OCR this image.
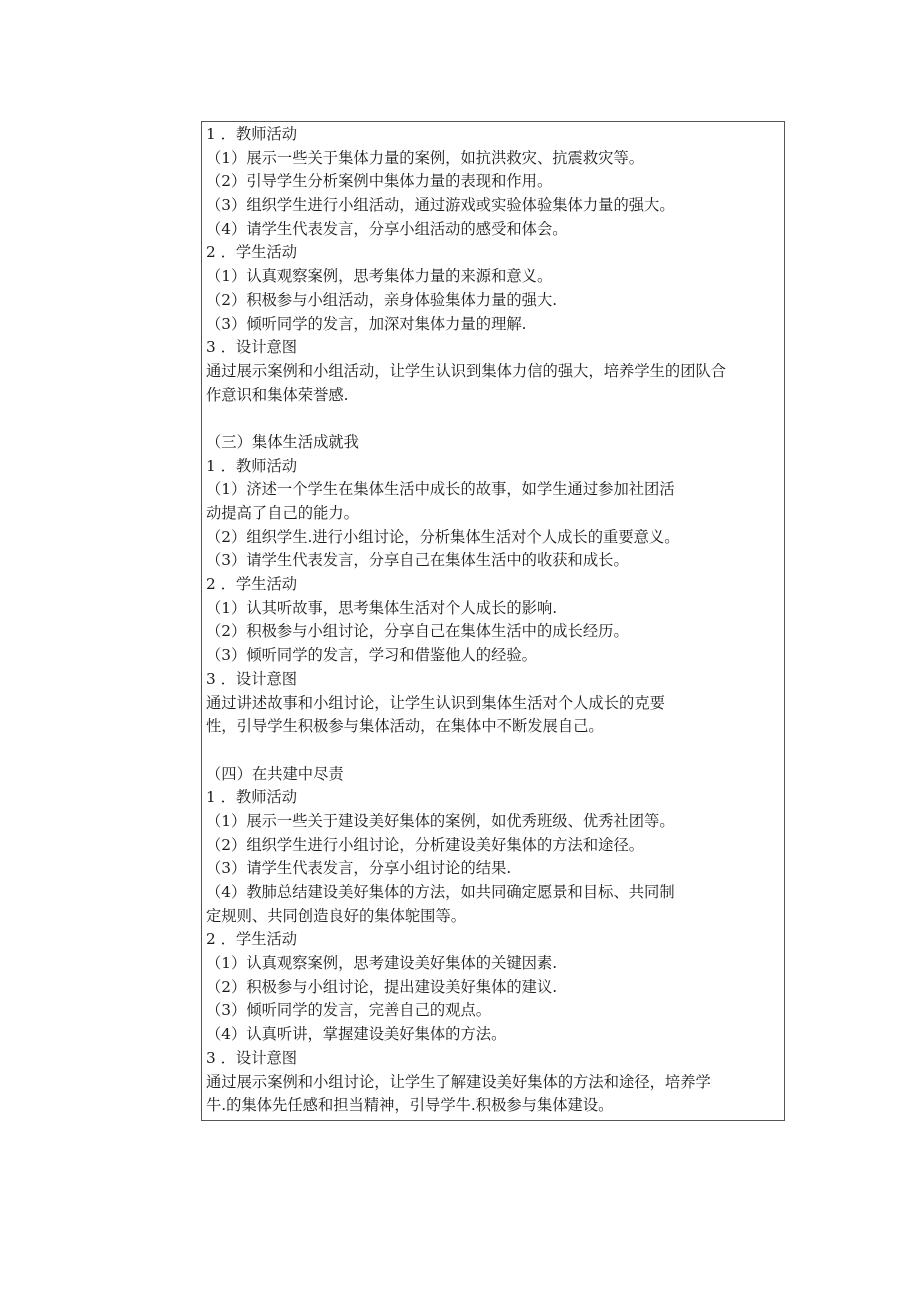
1 ．教师活动
（1）展示一些关于集体力量的案例，如抗洪救灾、抗震救灾等。
（2）引导学生分析案例中集体力量的表现和作用。
（3）组织学生进行小组活动，通过游戏或实验体验集体力量的强大。
（4）请学生代表发言，分享小组活动的感受和体会。
2 ．学生活动
（1）认真观察案例，思考集体力量的来源和意义。
（2）积极参与小组活动，亲身体验集体力量的强大.
（3）倾听同学的发言，加深对集体力量的理解.
3 ．设计意图
通过展示案例和小组活动，让学生认识到集体力信的强大，培养学生的团队合
作意识和集体荣誉感.
（三）集体生活成就我
1 ．教师活动
（1）济述一个学生在集体生活中成长的故事，如学生通过参加社团活
动提高了自己的能力。
（2）组织学生.进行小组讨论，分析集体生活对个人成长的重要意义。
（3）请学生代表发言，分享自己在集体生活中的收获和成长。
2 ．学生活动
（1）认其听故事，思考集体生活对个人成长的影响.
（2）积极参与小组讨论，分享自己在集体生活中的成长经历。
（3）倾听同学的发言，学习和借鉴他人的经验。
3 ．设计意图
通过讲述故事和小组讨论，让学生认识到集体生活对个人成长的克要
性，引导学生积极参与集体活动，在集体中不断发展自己。
（四）在共建中尽责
1 ．教师活动
（1）展示一些关于建设美好集体的案例，如优秀班级、优秀社团等。
（2）组织学生进行小组讨论，分析建设美好集体的方法和途径。
（3）请学生代表发言，分享小组讨论的结果.
（4）教肺总结建设美好集体的方法，如共同确定愿景和目标、共同制
定规则、共同创造良好的集体鸵围等。
2 ．学生活动
（1）认真观察案例，思考建设美好集体的关键因素.
（2）积极参与小组讨论，提出建设美好集体的建议.
（3）倾听同学的发言，完善自己的观点。
（4）认真听讲，掌握建设美好集体的方法。
3 ．设计意图
通过展示案例和小组讨论，让学生了解建设美好集体的方法和途径，培养学
牛.的集体先任感和担当精神，引导学牛.积极参与集体建设。
